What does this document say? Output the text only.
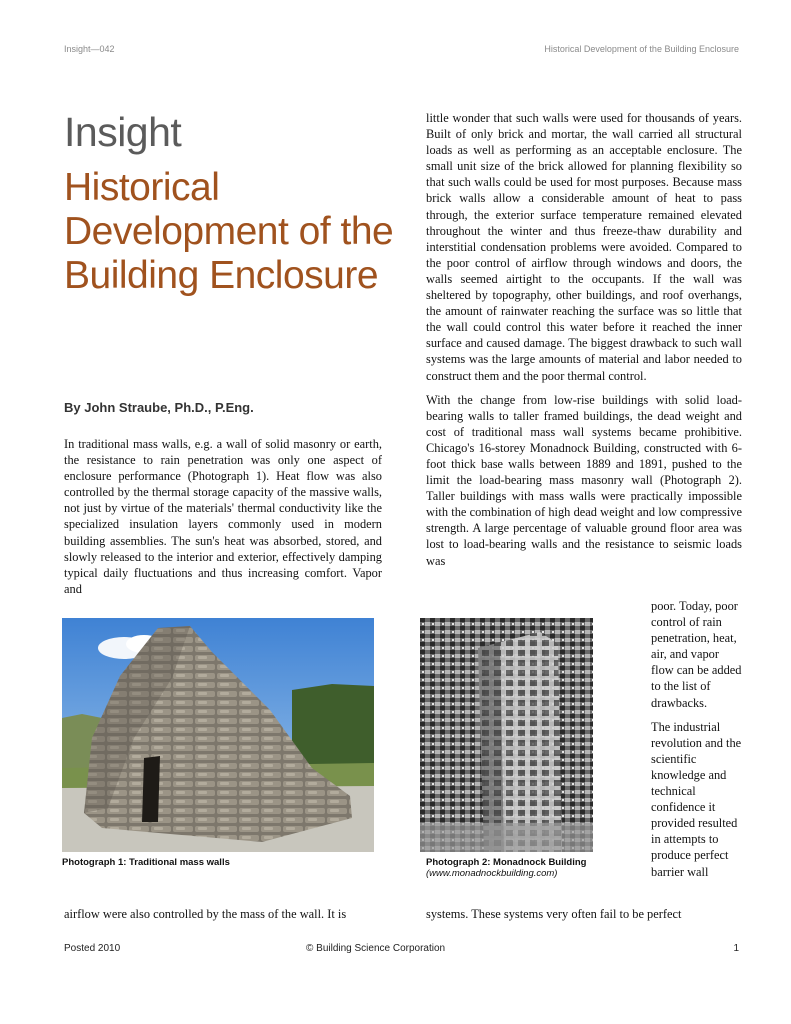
Insight—042	Historical Development of the Building Enclosure
Insight
Historical Development of the Building Enclosure
By John Straube, Ph.D., P.Eng.

In traditional mass walls, e.g. a wall of solid masonry or earth, the resistance to rain penetration was only one aspect of enclosure performance (Photograph 1). Heat flow was also controlled by the thermal storage capacity of the massive walls, not just by virtue of the materials' thermal conductivity like the specialized insulation layers commonly used in modern building assemblies. The sun's heat was absorbed, stored, and slowly released to the interior and exterior, effectively damping typical daily fluctuations and thus increasing comfort. Vapor and

little wonder that such walls were used for thousands of years. Built of only brick and mortar, the wall carried all structural loads as well as performing as an acceptable enclosure. The small unit size of the brick allowed for planning flexibility so that such walls could be used for most purposes. Because mass brick walls allow a considerable amount of heat to pass through, the exterior surface temperature remained elevated throughout the winter and thus freeze-thaw durability and interstitial condensation problems were avoided. Compared to the poor control of airflow through windows and doors, the walls seemed airtight to the occupants. If the wall was sheltered by topography, other buildings, and roof overhangs, the amount of rainwater reaching the surface was so little that the wall could control this water before it reached the inner surface and caused damage. The biggest drawback to such wall systems was the large amounts of material and labor needed to construct them and the poor thermal control.

With the change from low-rise buildings with solid load-bearing walls to taller framed buildings, the dead weight and cost of traditional mass wall systems became prohibitive. Chicago's 16-storey Monadnock Building, constructed with 6-foot thick base walls between 1889 and 1891, pushed to the limit the load-bearing mass masonry wall (Photograph 2). Taller buildings with mass walls were practically impossible with the combination of high dead weight and low compressive strength. A large percentage of valuable ground floor area was lost to load-bearing walls and the resistance to seismic loads was

poor. Today, poor control of rain penetration, heat, air, and vapor flow can be added to the list of drawbacks.

The industrial revolution and the scientific knowledge and technical confidence it provided resulted in attempts to produce perfect barrier wall

Photograph 1: Traditional mass walls	Photograph 2: Monadnock Building
(www.monadnockbuilding.com)

airflow were also controlled by the mass of the wall. It is	systems. These systems very often fail to be perfect

Posted 2010	© Building Science Corporation	1
